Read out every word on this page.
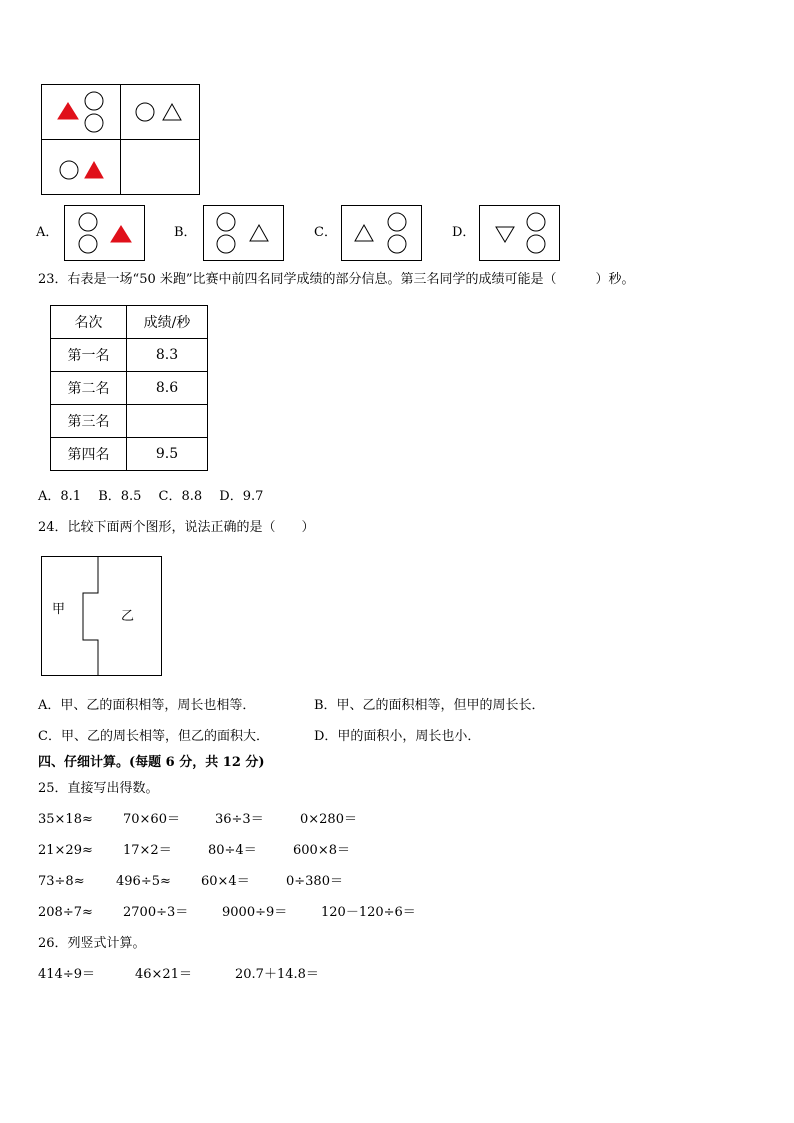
A．	B．	C．	D．
23．右表是一场“50 米跑”比赛中前四名同学成绩的部分信息。第三名同学的成绩可能是（　　　）秒。
名次	成绩/秒
第一名	8.3
第二名	8.6
第三名	
第四名	9.5
A．8.1　 B．8.5　 C．8.8　 D．9.7
24．比较下面两个图形，说法正确的是（　　）
甲	乙
A．甲、乙的面积相等，周长也相等．	B．甲、乙的面积相等，但甲的周长长．
C．甲、乙的周长相等，但乙的面积大．	D．甲的面积小，周长也小．
四、仔细计算。(每题 6 分，共 12 分)
25．直接写出得数。
35×18≈ 70×60＝	36÷3＝	0×280＝
21×29≈ 17×2＝	80÷4＝	600×8＝
73÷8≈ 496÷5≈ 60×4＝	0÷380＝
208÷7≈ 2700÷3＝	9000÷9＝	120－120÷6＝
26．列竖式计算。
414÷9＝	46×21＝	20.7＋14.8＝
